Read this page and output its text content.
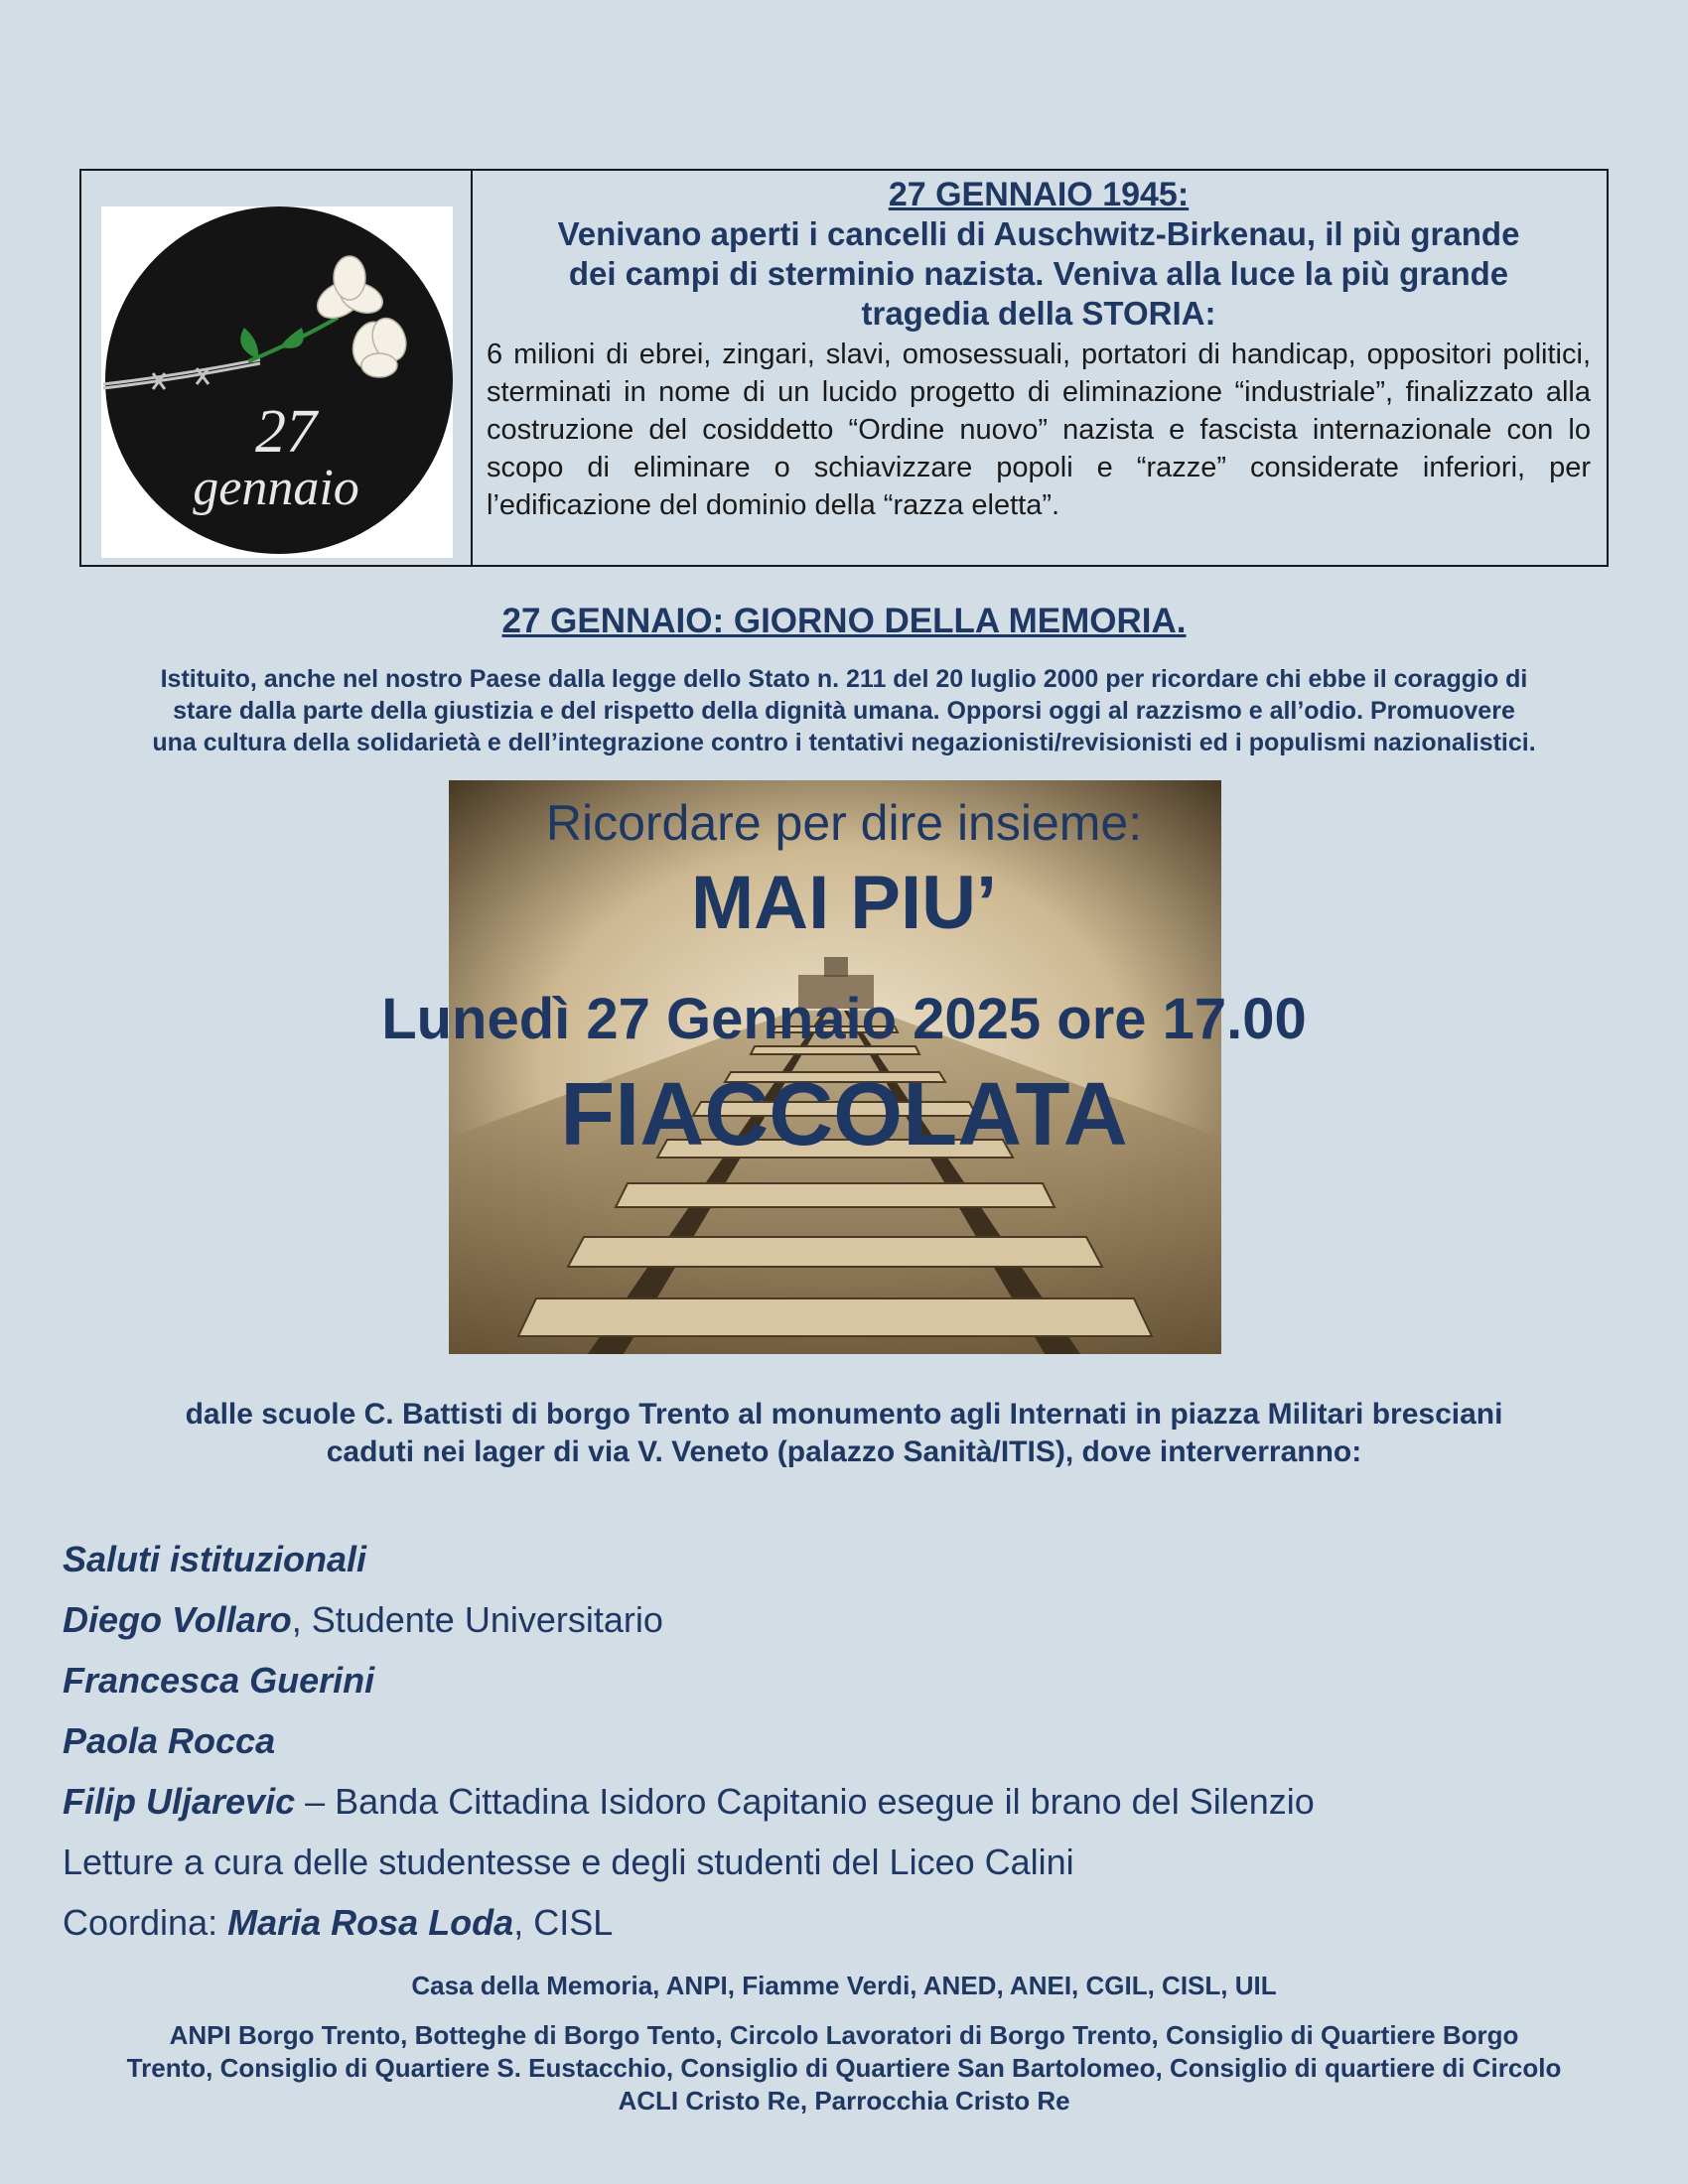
27
gennaio

27 GENNAIO 1945:

Venivano aperti i cancelli di Auschwitz-Birkenau, il più grande

dei campi di sterminio nazista. Veniva alla luce la più grande

tragedia della STORIA:

6 milioni di ebrei, zingari, slavi, omosessuali, portatori di handicap, oppositori politici, sterminati in nome di un lucido progetto di eliminazione “industriale”, finalizzato alla costruzione del cosiddetto “Ordine nuovo” nazista e fascista internazionale con lo scopo di eliminare o schiavizzare popoli e “razze” considerate inferiori, per l’edificazione del dominio della “razza eletta”.

27 GENNAIO: GIORNO DELLA MEMORIA.

Istituito, anche nel nostro Paese dalla legge dello Stato n. 211 del 20 luglio 2000 per ricordare chi ebbe il coraggio di
stare dalla parte della giustizia e del rispetto della dignità umana. Opporsi oggi al razzismo e all’odio. Promuovere
una cultura della solidarietà e dell’integrazione contro i tentativi negazionisti/revisionisti ed i populismi nazionalistici.

Ricordare per dire insieme:

MAI PIU’

Lunedì 27 Gennaio 2025 ore 17.00

FIACCOLATA

dalle scuole C. Battisti di borgo Trento al monumento agli Internati in piazza Militari bresciani
caduti nei lager di via V. Veneto (palazzo Sanità/ITIS), dove interverranno:
Saluti istituzionali
Diego Vollaro, Studente Universitario
Francesca Guerini
Paola Rocca
Filip Uljarevic – Banda Cittadina Isidoro Capitanio esegue il brano del Silenzio
Letture a cura delle studentesse e degli studenti del Liceo Calini
Coordina: Maria Rosa Loda, CISL

Casa della Memoria, ANPI, Fiamme Verdi, ANED, ANEI, CGIL, CISL, UIL

ANPI Borgo Trento, Botteghe di Borgo Tento, Circolo Lavoratori di Borgo Trento, Consiglio di Quartiere Borgo
Trento, Consiglio di Quartiere S. Eustacchio, Consiglio di Quartiere San Bartolomeo, Consiglio di quartiere di Circolo
ACLI Cristo Re, Parrocchia Cristo Re
